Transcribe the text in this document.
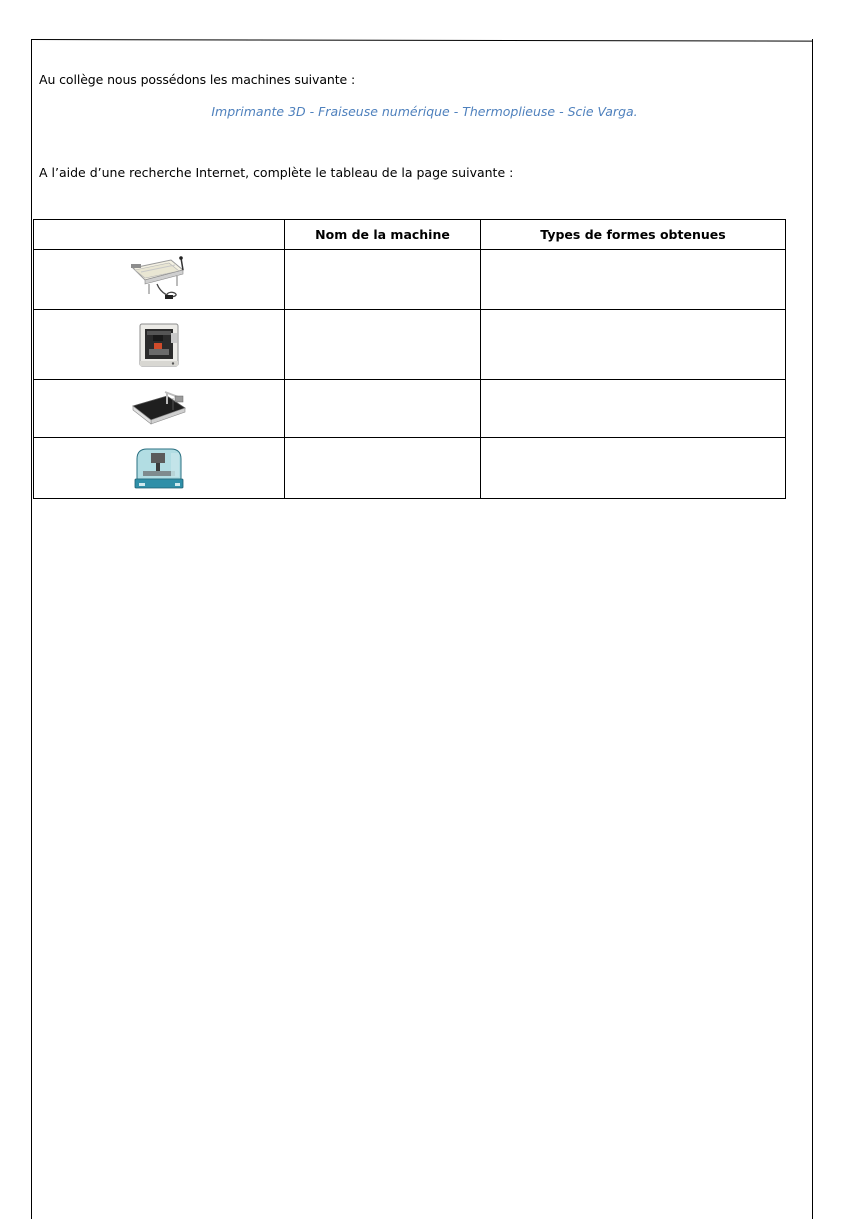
Au collège nous possédons les machines suivante :
Imprimante 3D - Fraiseuse numérique - Thermoplieuse - Scie Varga.
A l’aide d’une recherche Internet, complète le tableau de la page suivante :
	Nom de la machine	Types de formes obtenues
